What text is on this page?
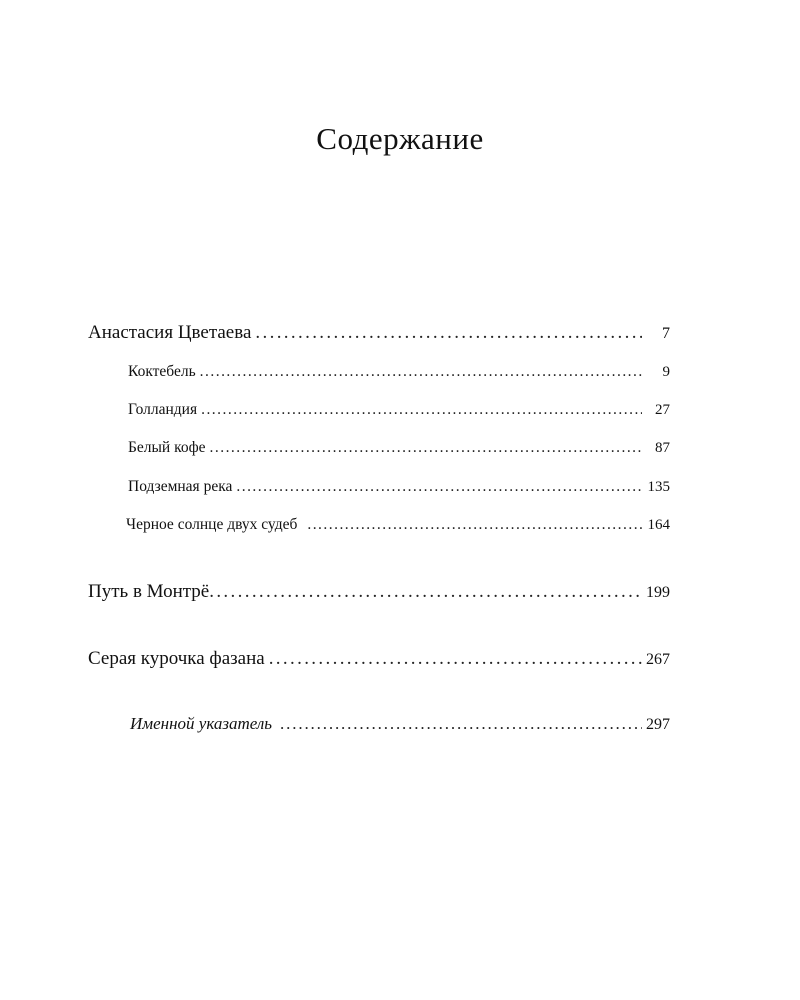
Содержание
Анастасия Цветаева . . .	7
Коктебель . . .	9
Голландия . . .	27
Белый кофе . . .	87
Подземная река . . .	135
Черное солнце двух судеб . . .	164
Путь в Монтрё . . .	199
Серая курочка фазана . . .	267
Именной указатель . . .	297
